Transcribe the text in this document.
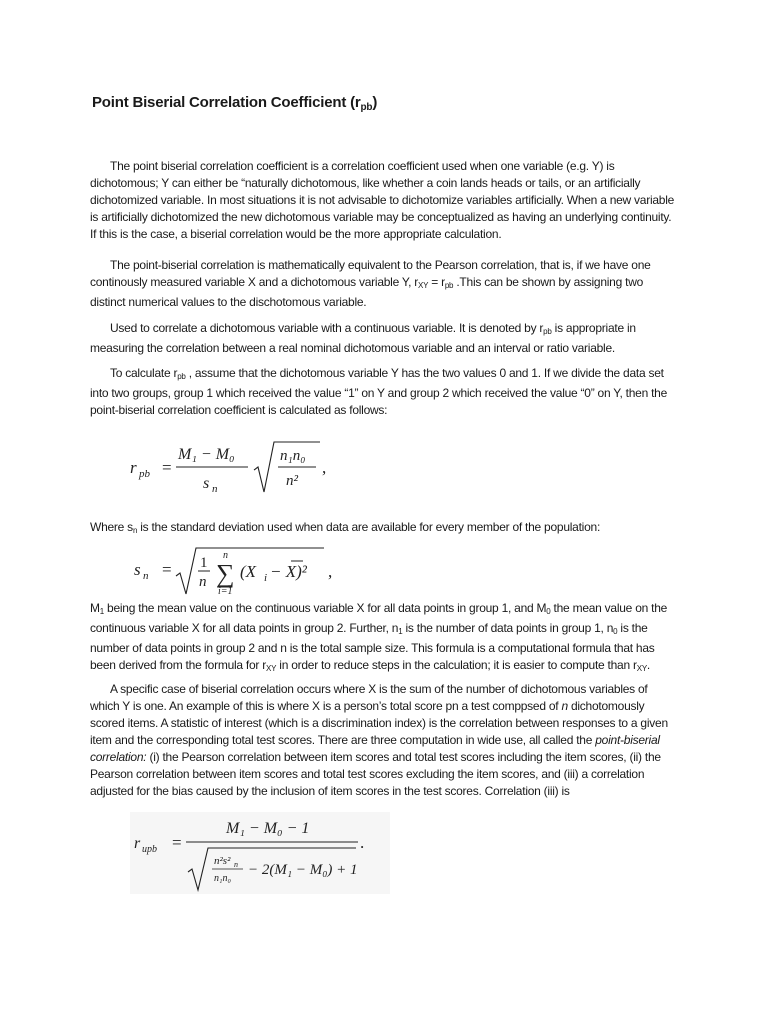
Point Biserial Correlation Coefficient $(r_{pb})$
The point biserial correlation coefficient is a correlation coefficient used when one variable (e.g. Y) is dichotomous; Y can either be “naturally dichotomous, like whether a coin lands heads or tails, or an artificially dichotomized variable. In most situations it is not advisable to dichotomize variables artificially. When a new variable is artificially dichotomized the new dichotomous variable may be conceptualized as having an underlying continuity. If this is the case, a biserial correlation would be the more appropriate calculation.
The point-biserial correlation is mathematically equivalent to the Pearson correlation, that is, if we have one continously measured variable X and a dichotomous variable Y, $r_{XY} = r_{pb}$ .This can be shown by assigning two distinct numerical values to the dischotomous variable.
Used to correlate a dichotomous variable with a continuous variable. It is denoted by $r_{pb}$ is appropriate in measuring the correlation between a real nominal dichotomous variable and an interval or ratio variable.
To calculate $r_{pb}$ , assume that the dichotomous variable Y has the two values 0 and 1. If we divide the data set into two groups, group 1 which received the value “1” on Y and group 2 which received the value “0” on Y, then the point-biserial correlation coefficient is calculated as follows:
r pb =
M₁ − M₀
s n
n₁n₀
n²
,
Where $s_n$ is the standard deviation used when data are available for every member of the population:
s n = 1
n
n
∑
i=1
(X i − X)² ,
$M_1$ being the mean value on the continuous variable X for all data points in group 1, and $M_0$ the mean value on the continuous variable X for all data points in group 2. Further, $n_1$ is the number of data points in group 1, $n_0$ is the number of data points in group 2 and n is the total sample size. This formula is a computational formula that has been derived from the formula for $r_{XY}$ in order to reduce steps in the calculation; it is easier to compute than $r_{XY}$.
A specific case of biserial correlation occurs where X is the sum of the number of dichotomous variables of which Y is one. An example of this is where X is a person’s total score pn a test comppsed of n dichotomously scored items. A statistic of interest (which is a discrimination index) is the correlation between responses to a given item and the corresponding total test scores. There are three computation in wide use, all called the point-biserial correlation: (i) the Pearson correlation between item scores and total test scores including the item scores, (ii) the Pearson correlation between item scores and total test scores excluding the item scores, and (iii) a correlation adjusted for the bias caused by the inclusion of item scores in the test scores. Correlation (iii) is
r upb =
M₁ − M₀ − 1
n²s² n
n₁n₀
− 2(M₁ − M₀) + 1
.
